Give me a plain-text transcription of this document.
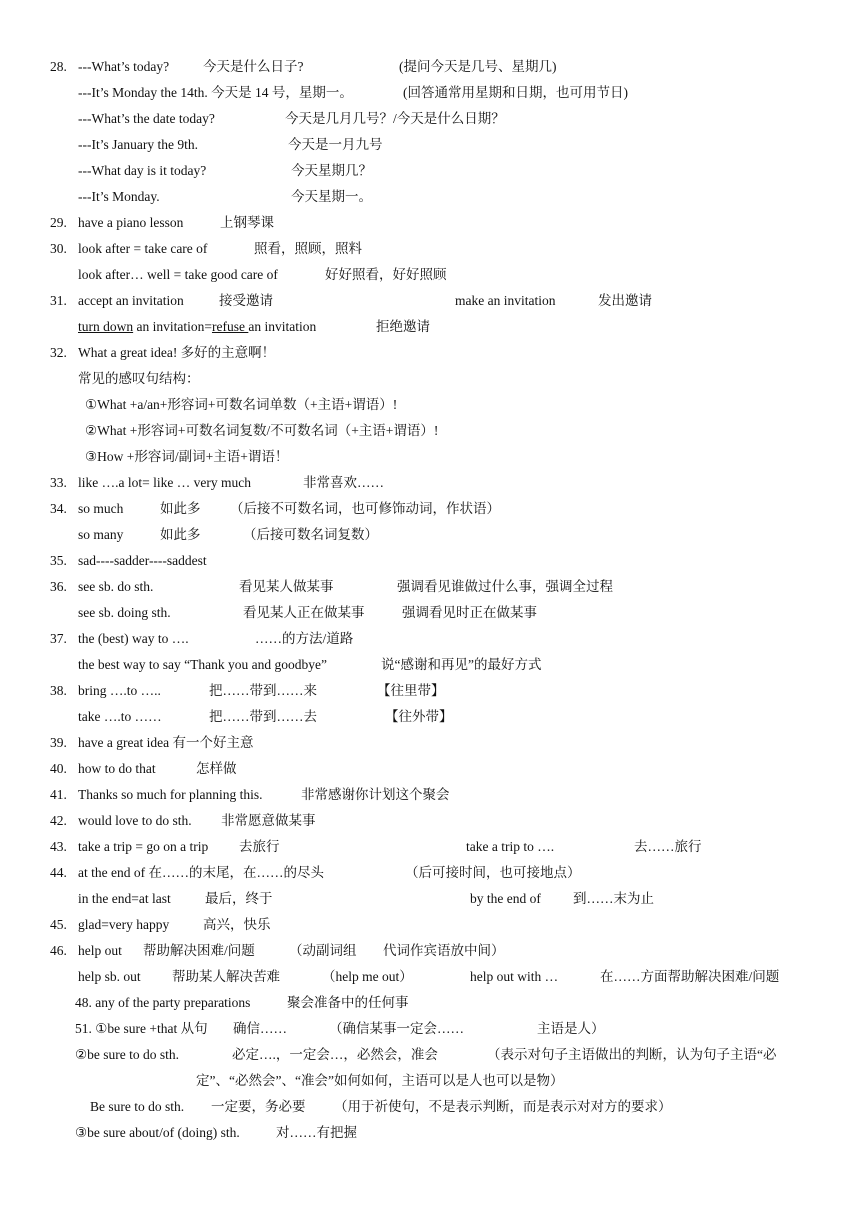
28. ---What’s today?	今天是什么日子?	(提问今天是几号、星期几)
---It’s Monday the 14th. 今天是 14 号，星期一。	(回答通常用星期和日期，也可用节日)
---What’s the date today?	今天是几月几号？/今天是什么日期？
---It’s January the 9th.	今天是一月九号
---What day is it today?	今天星期几？
---It’s Monday.	今天星期一。
29. have a piano lesson	上钢琴课
30. look after = take care of	照看，照顾，照料
look after… well = take good care of	好好照看，好好照顾
31. accept an invitation	接受邀请	make an invitation	发出邀请
turn down an invitation=refuse an invitation	拒绝邀请
32. What a great idea! 多好的主意啊！
常见的感叹句结构：
①What +a/an+形容词+可数名词单数（+主语+谓语）!
②What +形容词+可数名词复数/不可数名词（+主语+谓语）!
③How +形容词/副词+主语+谓语！
33. like ….a lot= like … very much	非常喜欢……
34. so much	如此多 （后接不可数名词，也可修饰动词，作状语）
so many	如此多	（后接可数名词复数）
35. sad----sadder----saddest
36. see sb. do sth.	看见某人做某事	强调看见谁做过什么事，强调全过程
see sb. doing sth.	看见某人正在做某事	强调看见时正在做某事
37. the (best) way to ….	……的方法/道路
the best way to say “Thank you and goodbye”	说“感谢和再见”的最好方式
38. bring ….to …..	把……带到……来	【往里带】
take ….to ……	把……带到……去	【往外带】
39. have a great idea 有一个好主意
40. how to do that	怎样做
41. Thanks so much for planning this.	非常感谢你计划这个聚会
42. would love to do sth. 非常愿意做某事
43. take a trip = go on a trip 去旅行	take a trip to ….	去……旅行
44. at the end of 在……的末尾，在……的尽头	（后可接时间，也可接地点）
in the end=at last	最后，终于	by the end of 到……末为止
45. glad=very happy	高兴，快乐
46. help out 帮助解决困难/问题	（动副词组 代词作宾语放中间）
help sb. out 帮助某人解决苦难	（help me out）	help out with …	在……方面帮助解决困难/问题
48. any of the party preparations	聚会准备中的任何事
51. ①be sure +that 从句 确信……	（确信某事一定会……	主语是人）
②be sure to do sth.	必定….，一定会…，必然会，准会	（表示对句子主语做出的判断，认为句子主语“必
定”、“必然会”、“准会”如何如何，主语可以是人也可以是物）
Be sure to do sth. 一定要，务必要 （用于祈使句，不是表示判断，而是表示对对方的要求）
③be sure about/of (doing) sth.	对……有把握
